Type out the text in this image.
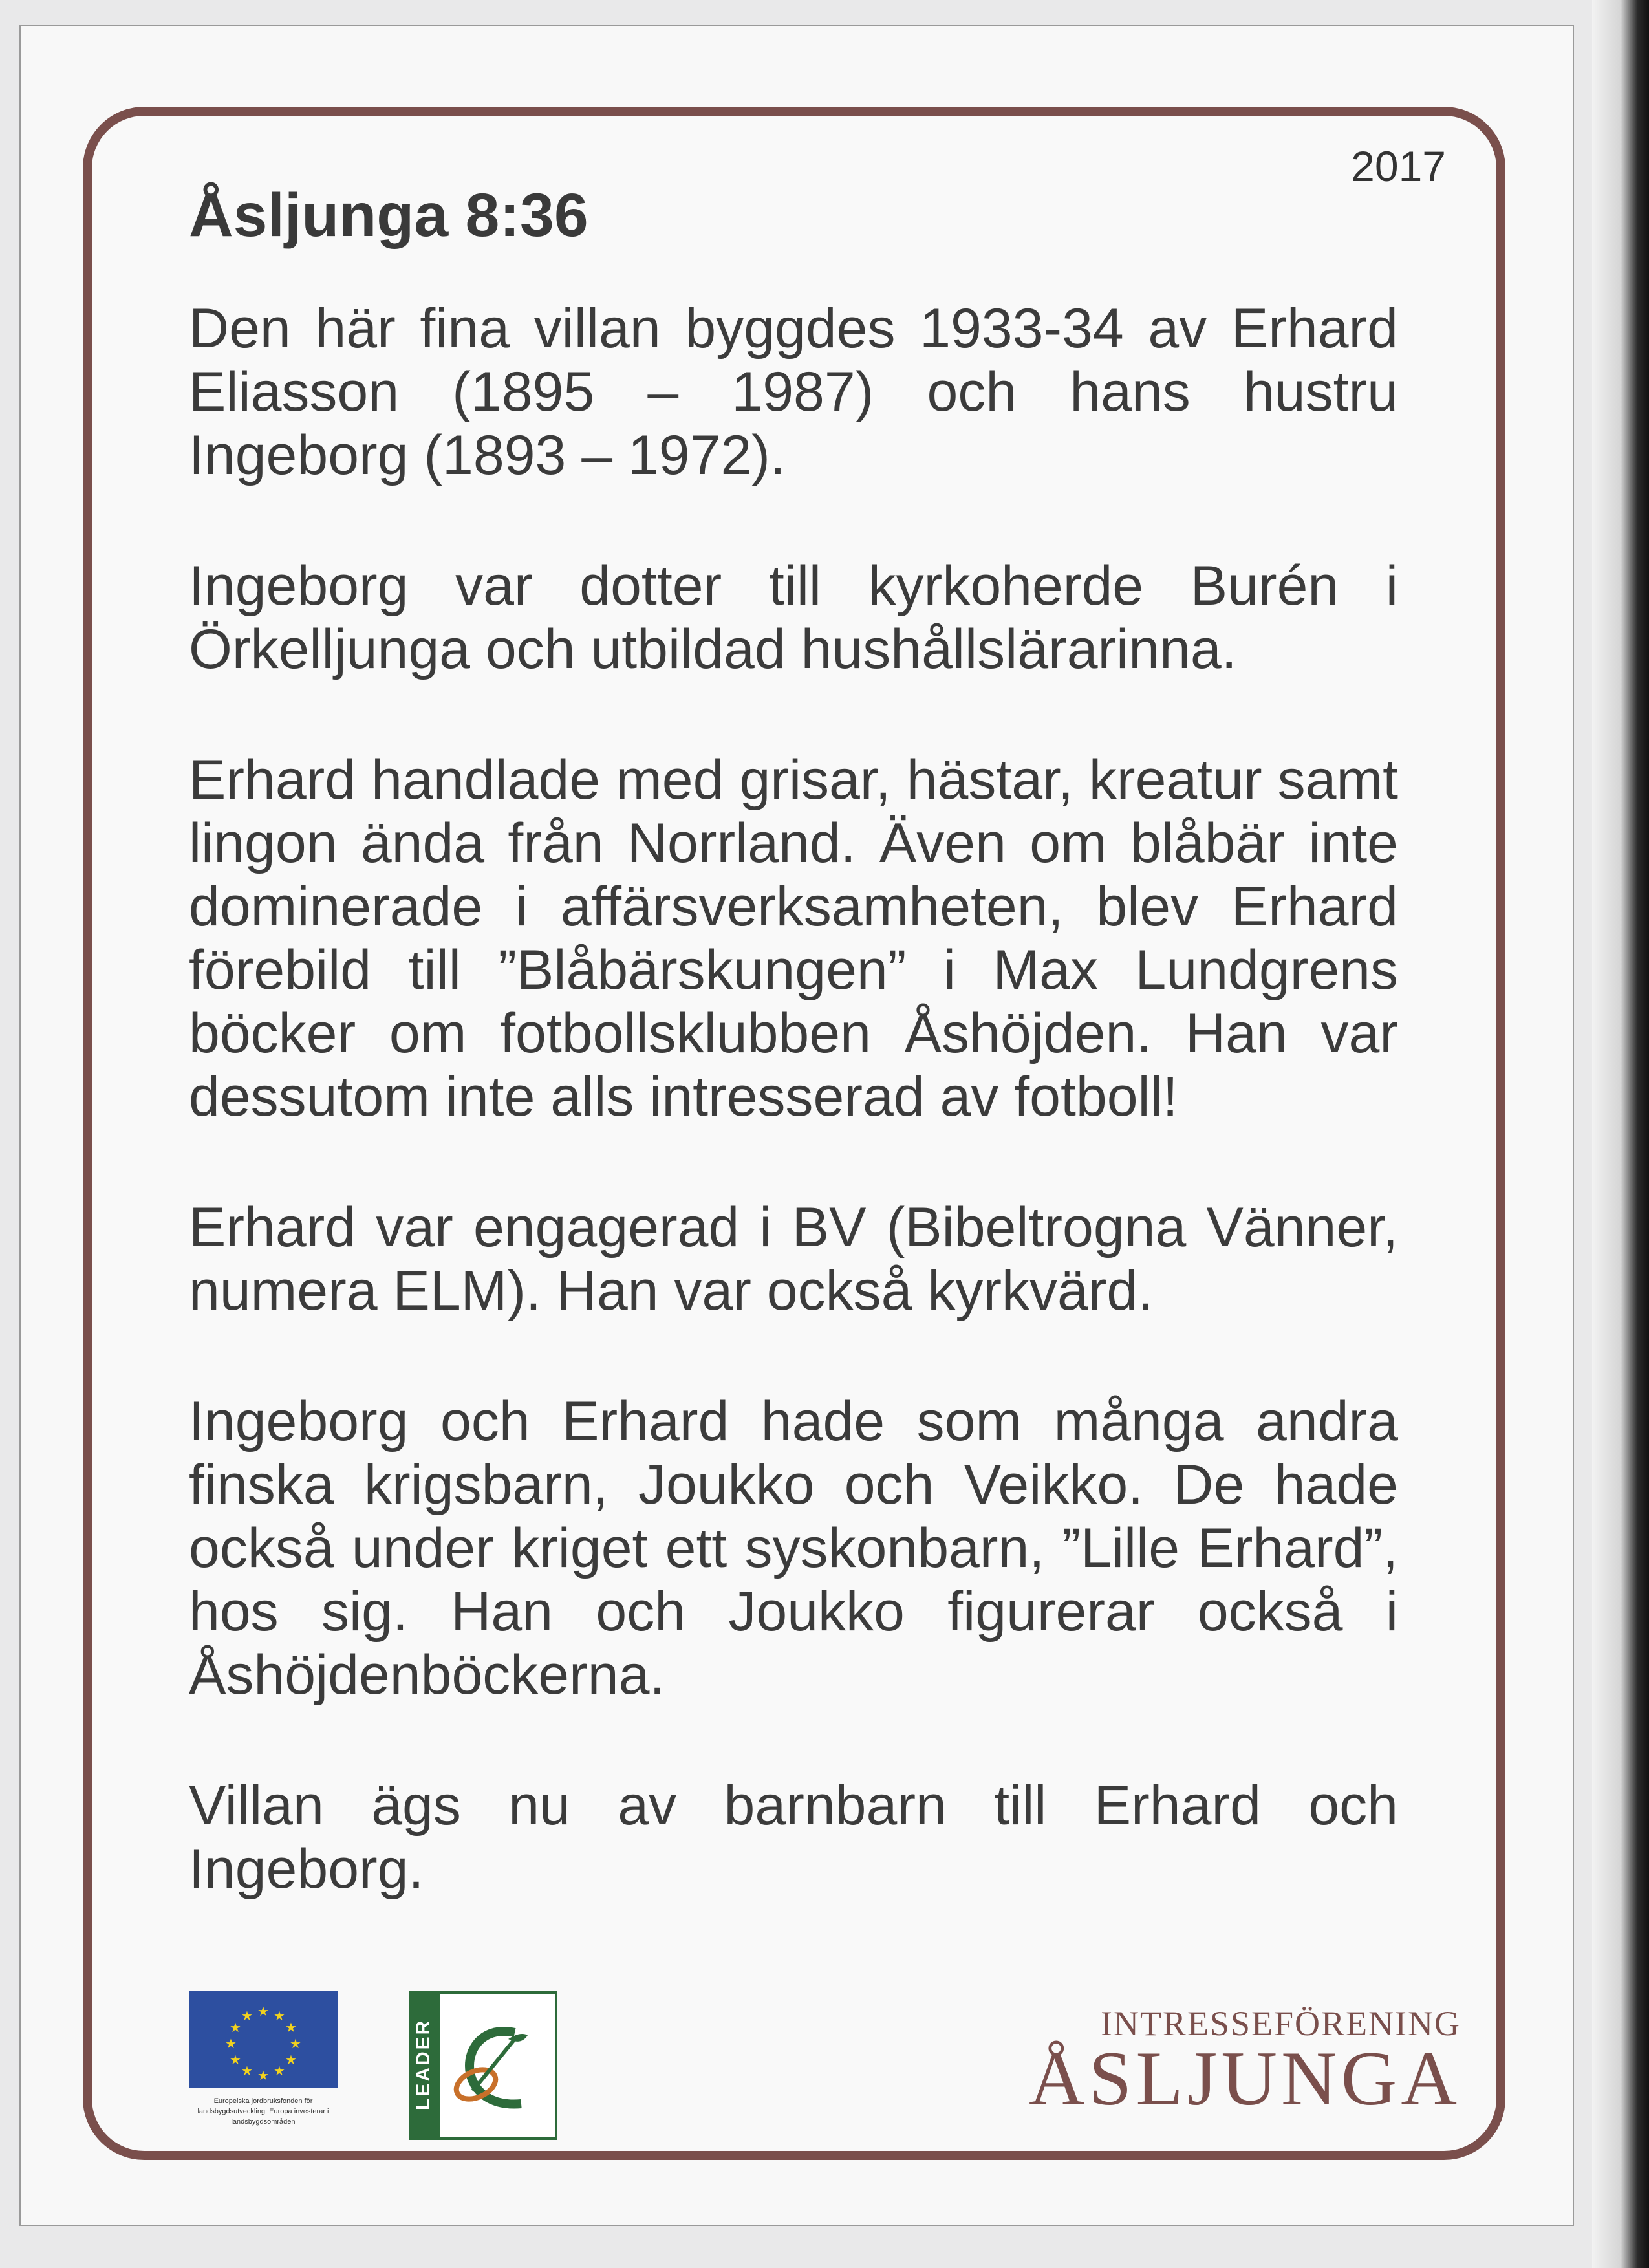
2017
Åsljunga 8:36

Den här fina villan byggdes 1933-34 av Erhard Eliasson (1895 – 1987) och hans hustru Ingeborg (1893 – 1972).

Ingeborg var dotter till kyrkoherde Burén i Örkelljunga och utbildad hushållslärarinna.

Erhard handlade med grisar, hästar, kreatur samt lingon ända från Norrland. Även om blåbär inte dominerade i affärsverksamheten, blev Erhard förebild till ”Blåbärskungen” i Max Lundgrens böcker om fotbollsklubben Åshöjden. Han var dessutom inte alls intresserad av fotboll!

Erhard var engagerad i BV (Bibeltrogna Vänner, numera ELM). Han var också kyrkvärd.

Ingeborg och Erhard hade som många andra finska krigsbarn, Joukko och Veikko. De hade också under kriget ett syskonbarn, ”Lille Erhard”, hos sig. Han och Joukko figurerar också i Åshöjdenböckerna.

Villan ägs nu av barnbarn till Erhard och Ingeborg.

★ ★
★
★
★
★
★
★
★
★
★
★
Europeiska jordbruksfonden för landsbygdsutveckling: Europa investerar i landsbygdsområden
LEADER	INTRESSEFÖRENING
ÅSLJUNGA
